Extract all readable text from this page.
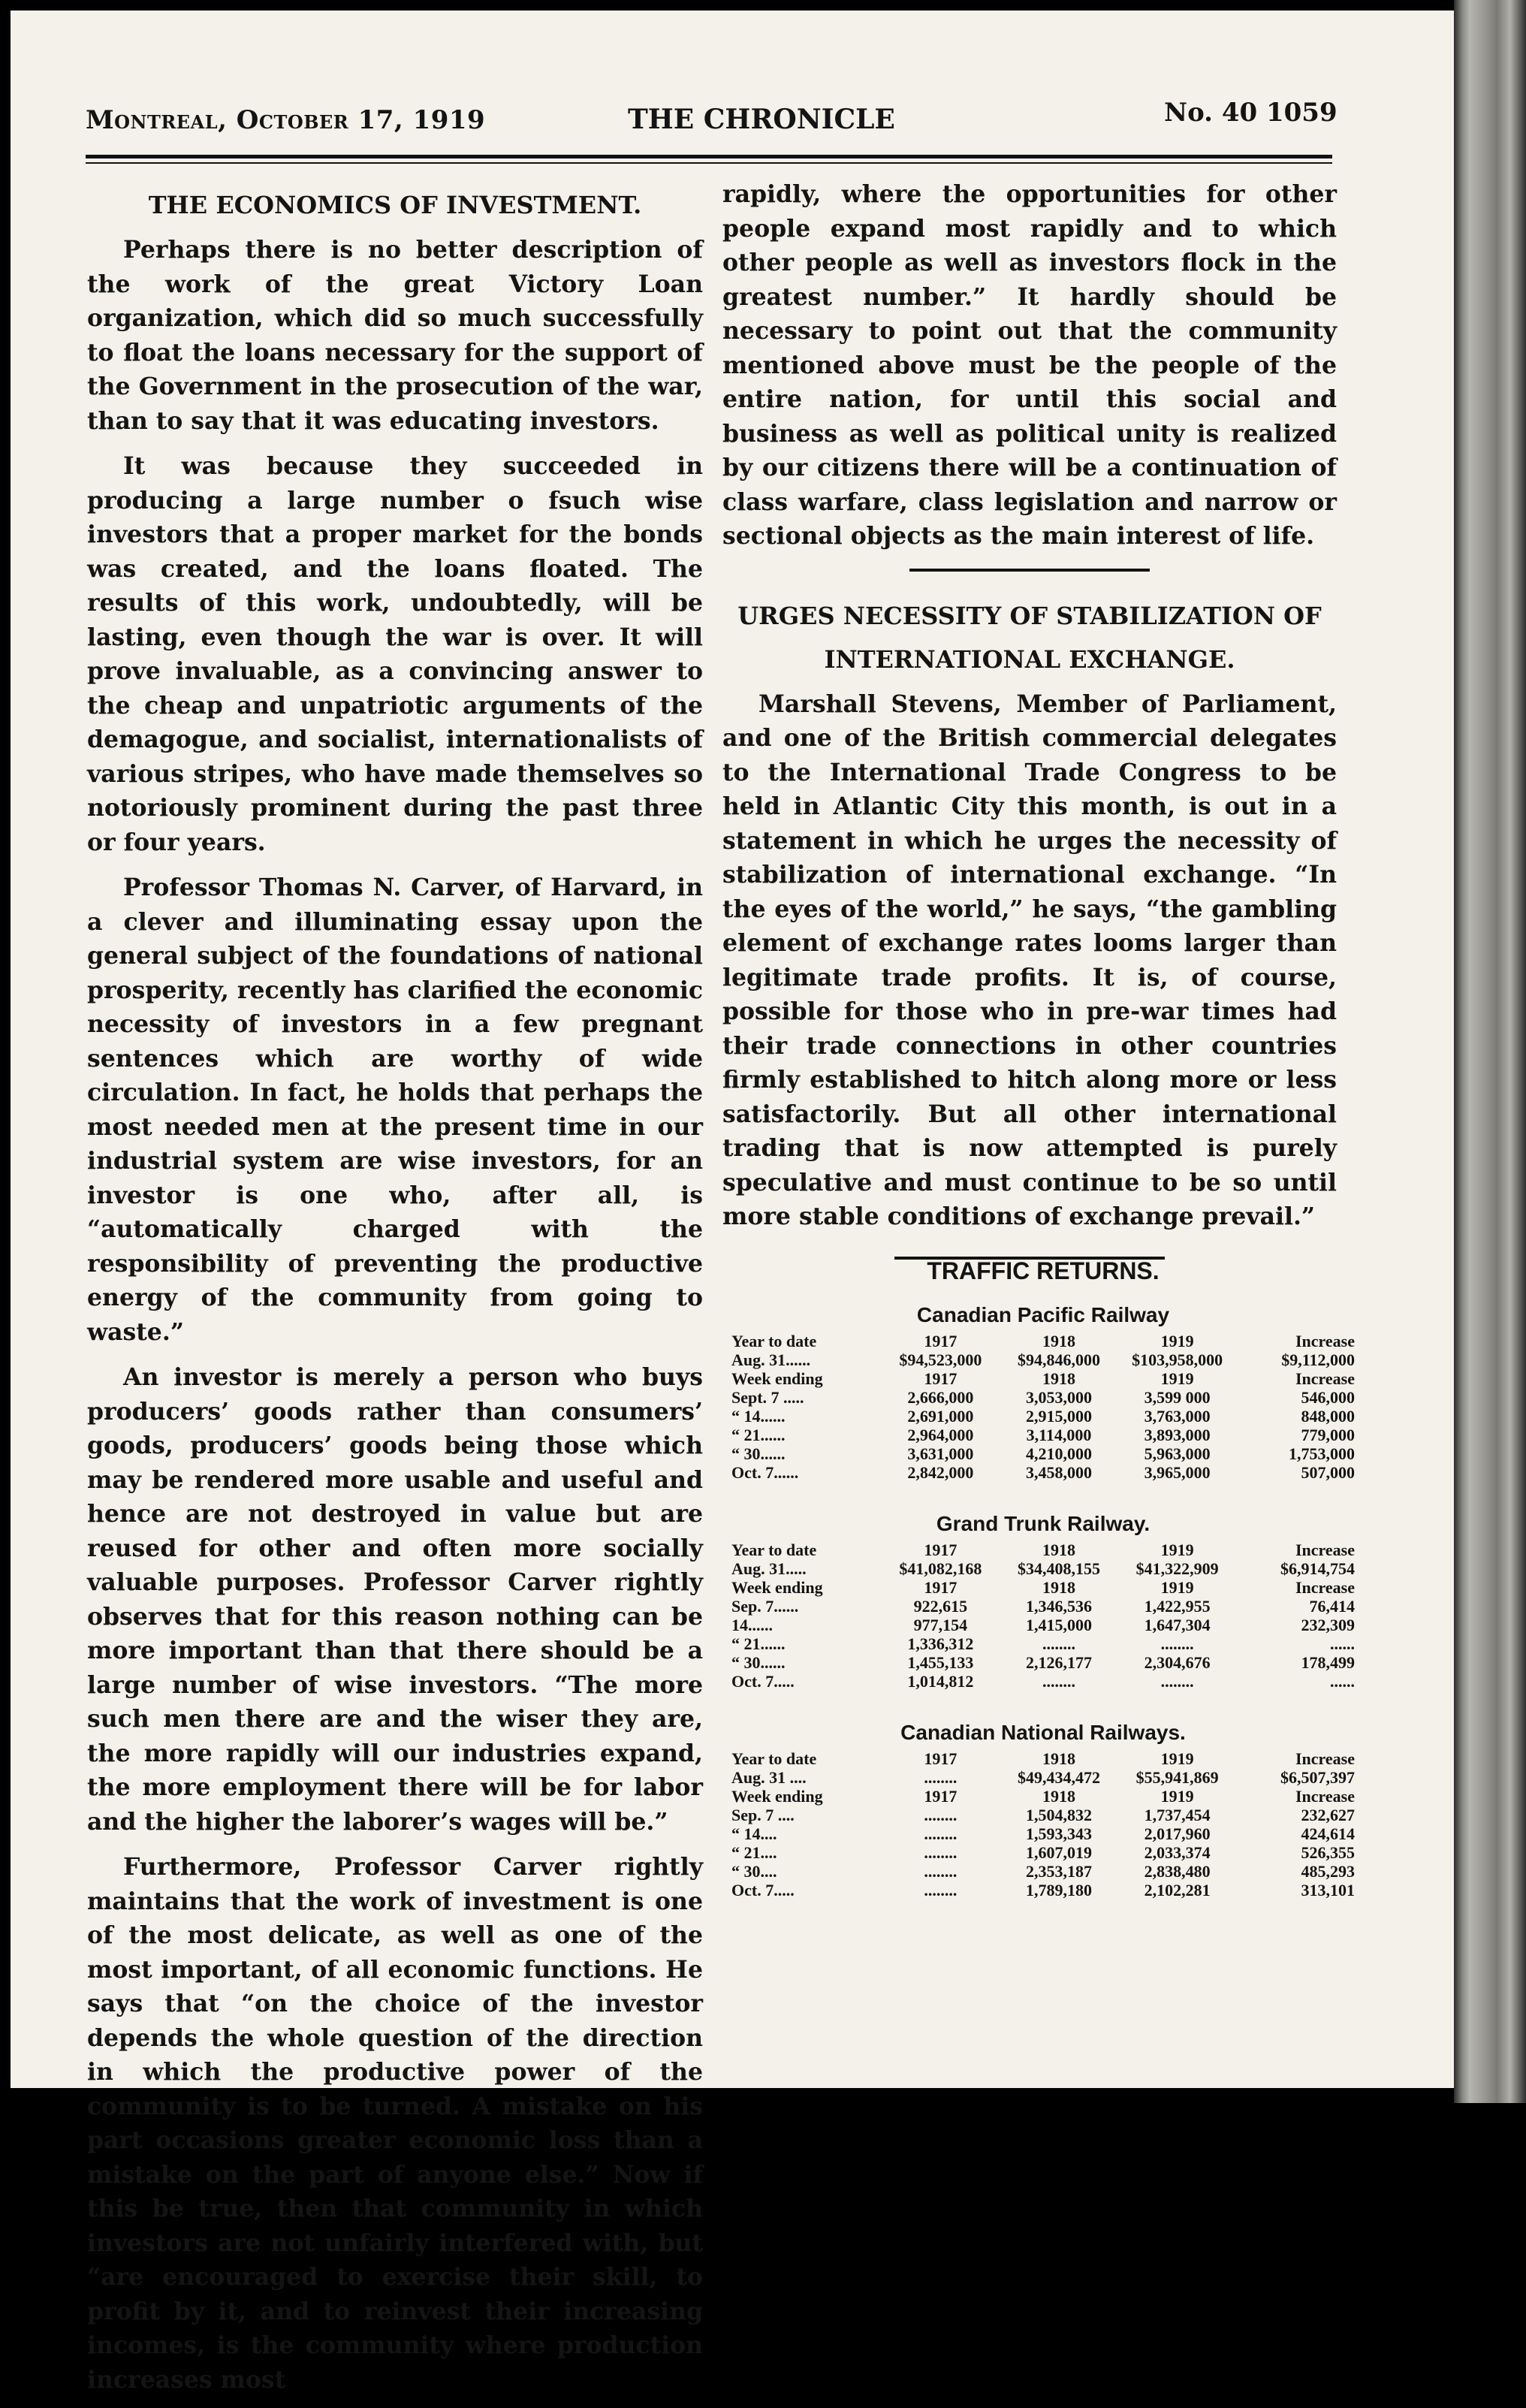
Montreal, October 17, 1919	THE CHRONICLE	No. 40 1059
THE ECONOMICS OF INVESTMENT.

Perhaps there is no better description of the work of the great Victory Loan organization, which did so much successfully to float the loans necessary for the support of the Government in the prosecution of the war, than to say that it was educating investors.

It was because they succeeded in producing a large number o fsuch wise investors that a proper market for the bonds was created, and the loans floated. The results of this work, undoubtedly, will be lasting, even though the war is over. It will prove invaluable, as a convincing answer to the cheap and unpatriotic arguments of the demagogue, and socialist, internationalists of various stripes, who have made themselves so notoriously prominent during the past three or four years.

Professor Thomas N. Carver, of Harvard, in a clever and illuminating essay upon the general subject of the foundations of national prosperity, recently has clarified the economic necessity of investors in a few pregnant sentences which are worthy of wide circulation. In fact, he holds that perhaps the most needed men at the present time in our industrial system are wise investors, for an investor is one who, after all, is “automatically charged with the responsibility of preventing the productive energy of the community from going to waste.”

An investor is merely a person who buys producers’ goods rather than consumers’ goods, producers’ goods being those which may be rendered more usable and useful and hence are not destroyed in value but are reused for other and often more socially valuable purposes. Professor Carver rightly observes that for this reason nothing can be more important than that there should be a large number of wise investors. “The more such men there are and the wiser they are, the more rapidly will our industries expand, the more employment there will be for labor and the higher the laborer’s wages will be.”

Furthermore, Professor Carver rightly maintains that the work of investment is one of the most delicate, as well as one of the most important, of all economic functions. He says that “on the choice of the investor depends the whole question of the direction in which the productive power of the community is to be turned. A mistake on his part occasions greater economic loss than a mistake on the part of anyone else.” Now if this be true, then that community in which investors are not unfairly interfered with, but “are encouraged to exercise their skill, to profit by it, and to reinvest their increasing incomes, is the community where production increases most

rapidly, where the opportunities for other people expand most rapidly and to which other people as well as investors flock in the greatest number.” It hardly should be necessary to point out that the community mentioned above must be the people of the entire nation, for until this social and business as well as political unity is realized by our citizens there will be a continuation of class warfare, class legislation and narrow or sectional objects as the main interest of life.

URGES NECESSITY OF STABILIZATION OF
INTERNATIONAL EXCHANGE.

Marshall Stevens, Member of Parliament, and one of the British commercial delegates to the International Trade Congress to be held in Atlantic City this month, is out in a statement in which he urges the necessity of stabilization of international exchange. “In the eyes of the world,” he says, “the gambling element of exchange rates looms larger than legitimate trade profits. It is, of course, possible for those who in pre-war times had their trade connections in other countries firmly established to hitch along more or less satisfactorily. But all other international trading that is now attempted is purely speculative and must continue to be so until more stable conditions of exchange prevail.”

TRAFFIC RETURNS.
Canadian Pacific Railway
Year to date	1917	1918	1919	Increase
Aug. 31......	$94,523,000	$94,846,000	$103,958,000	$9,112,000
Week ending	1917	1918	1919	Increase
Sept. 7 .....	2,666,000	3,053,000	3,599 000	546,000
“ 14......	2,691,000	2,915,000	3,763,000	848,000
“ 21......	2,964,000	3,114,000	3,893,000	779,000
“ 30......	3,631,000	4,210,000	5,963,000	1,753,000
Oct. 7......	2,842,000	3,458,000	3,965,000	507,000
Grand Trunk Railway.
Year to date	1917	1918	1919	Increase
Aug. 31.....	$41,082,168	$34,408,155	$41,322,909	$6,914,754
Week ending	1917	1918	1919	Increase
Sep. 7......	922,615	1,346,536	1,422,955	76,414
14......	977,154	1,415,000	1,647,304	232,309
“ 21......	1,336,312	........	........	......
“ 30......	1,455,133	2,126,177	2,304,676	178,499
Oct. 7.....	1,014,812	........	........	......
Canadian National Railways.
Year to date	1917	1918	1919	Increase
Aug. 31 ....	........	$49,434,472	$55,941,869	$6,507,397
Week ending	1917	1918	1919	Increase
Sep. 7 ....	........	1,504,832	1,737,454	232,627
“ 14....	........	1,593,343	2,017,960	424,614
“ 21....	........	1,607,019	2,033,374	526,355
“ 30....	........	2,353,187	2,838,480	485,293
Oct. 7.....	........	1,789,180	2,102,281	313,101
